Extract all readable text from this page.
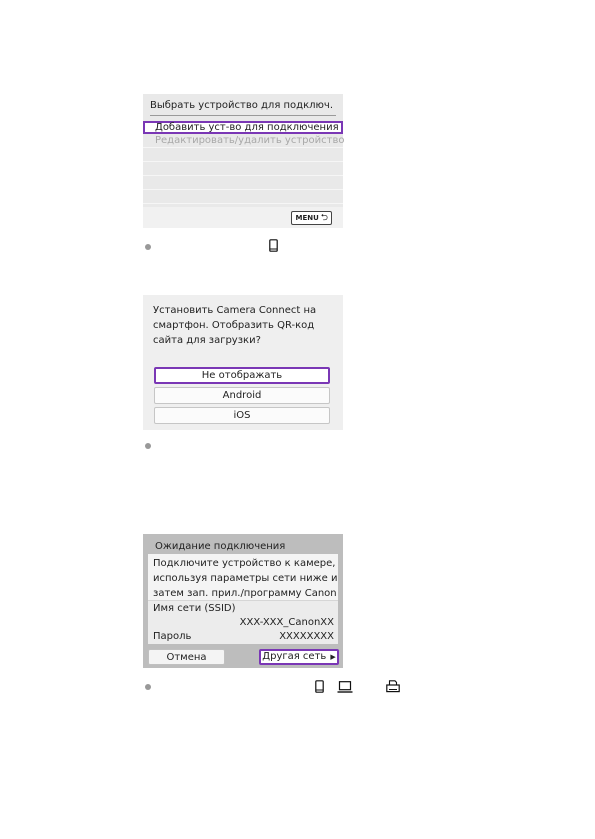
Выбрать устройство для подключ.
Добавить уст-во для подключения
Редактировать/удалить устройство
MENU ⮌
Установить Camera Connect на
смартфон. Отобразить QR-код
сайта для загрузки?
Не отображать
Android
iOS
Ожидание подключения
Подключите устройство к камере,
используя параметры сети ниже и
затем зап. прил./программу Canon
Имя сети (SSID)
XXX-XXX_CanonXX
Пароль	XXXXXXXX
Отмена	Другая сеть ▶
